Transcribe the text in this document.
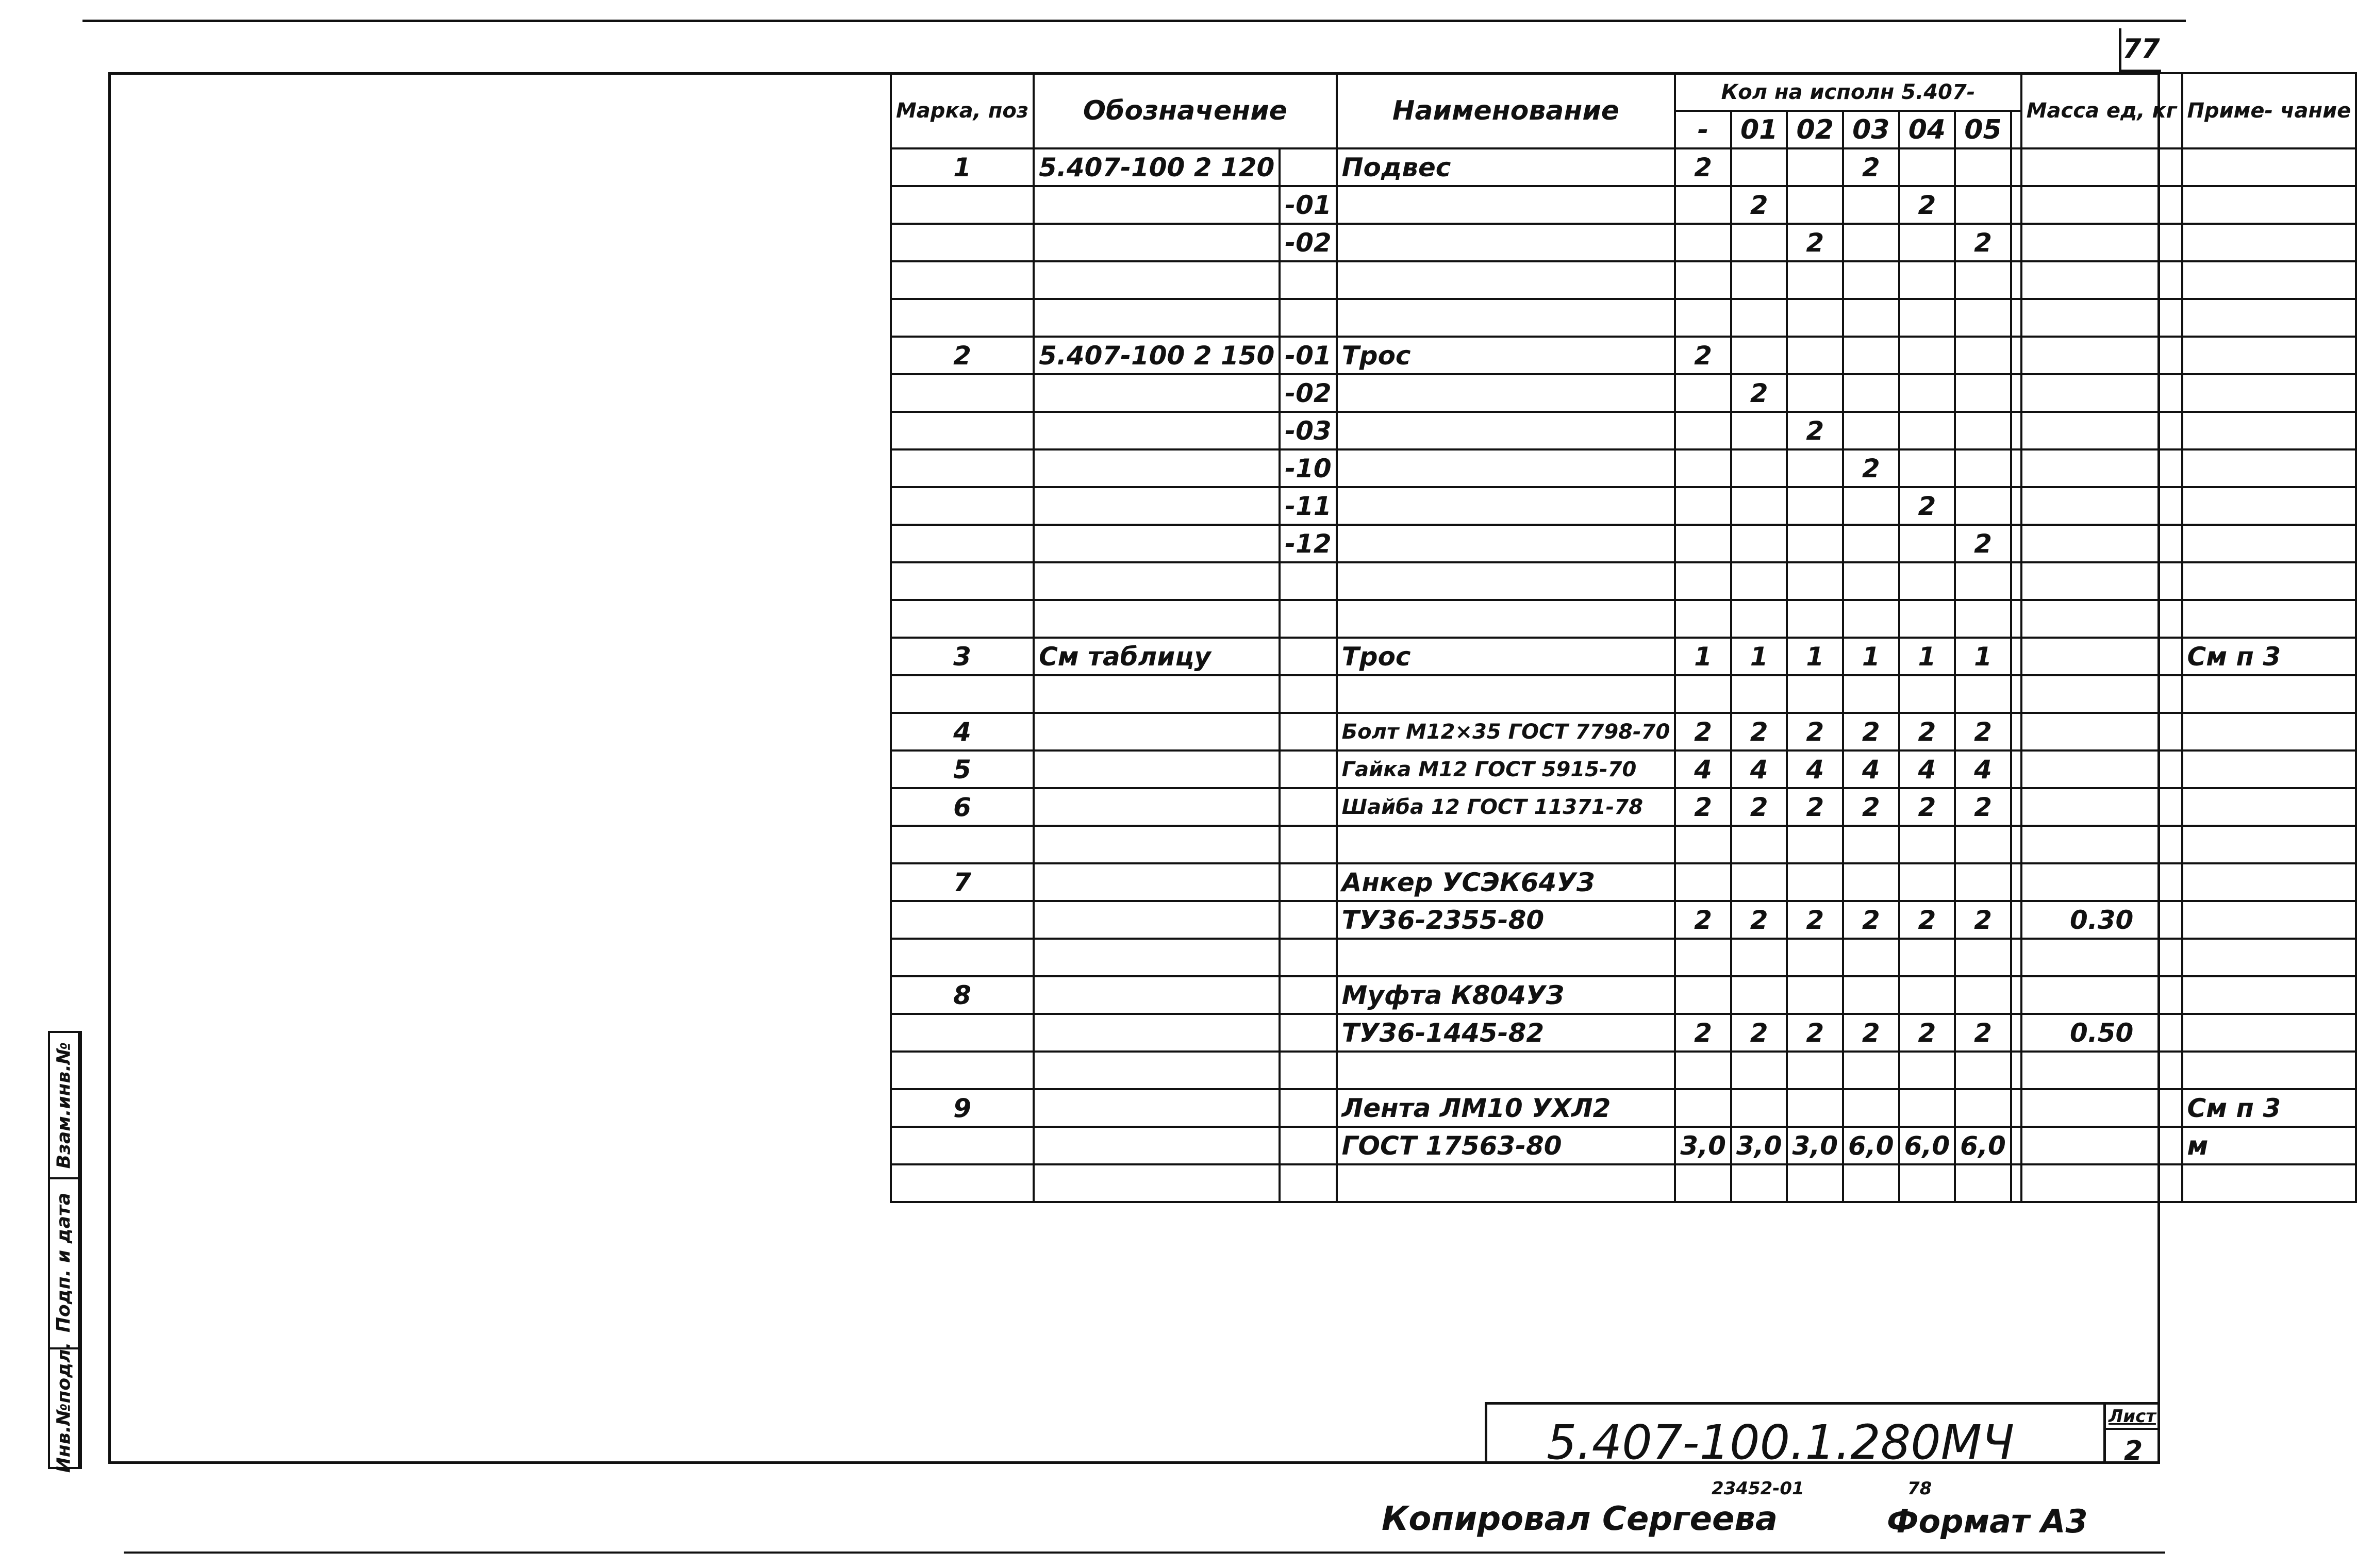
77
Марка, поз	Обозначение		Наименование	Кол на исполн 5.407-							Масса ед, кг	Приме- чание
				-	01	02	03	04	05			
1	5.407-100 2 120		Подвес	2			2					
		-01			2			2				
		-02				2			2			

2	5.407-100 2 150	-01	Трос	2								
		-02			2							
		-03				2						
		-10					2					
		-11						2				
		-12							2			

3	См таблицу		Трос	1	1	1	1	1	1			См п 3

4			Болт М12×35 ГОСТ 7798-70	2	2	2	2	2	2			
5			Гайка М12 ГОСТ 5915-70	4	4	4	4	4	4			
6			Шайба 12 ГОСТ 11371-78	2	2	2	2	2	2			

7			Анкер УСЭК64УЗ									
			ТУ36-2355-80	2	2	2	2	2	2		0.30	

8			Муфта К804УЗ									
			ТУ36-1445-82	2	2	2	2	2	2		0.50	

9			Лента ЛМ10 УХЛ2									См п 3
			ГОСТ 17563-80	3,0	3,0	3,0	6,0	6,0	6,0			м

Взам.инв.№
Подп. и дата
Инв.№подл.	5.407-100.1.280МЧ	Лист
2
Копировал Сергеева
23452-01	78
Формат А3
